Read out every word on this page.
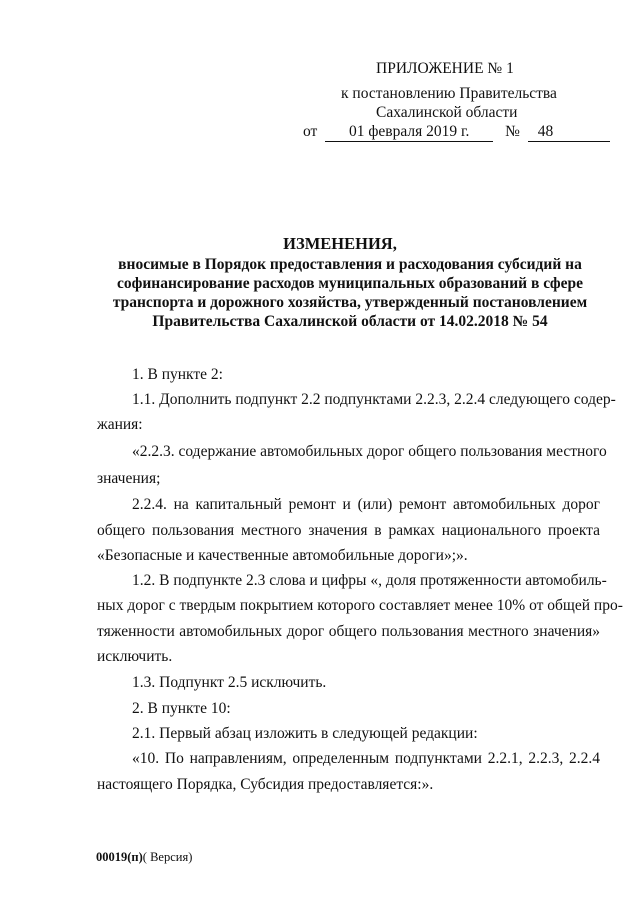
ПРИЛОЖЕНИЕ № 1
к постановлению Правительства
Сахалинской области
от 01 февраля 2019 г. № 48
ИЗМЕНЕНИЯ,
вносимые в Порядок предоставления и расходования субсидий на
софинансирование расходов муниципальных образований в сфере
транспорта и дорожного хозяйства, утвержденный постановлением
Правительства Сахалинской области от 14.02.2018 № 54
1. В пункте 2:
1.1. Дополнить подпункт 2.2 подпунктами 2.2.3, 2.2.4 следующего содер-
жания:
«2.2.3. содержание автомобильных дорог общего пользования местного
значения;
2.2.4. на капитальный ремонт и (или) ремонт автомобильных дорог
общего пользования местного значения в рамках национального проекта
«Безопасные и качественные автомобильные дороги»;».
1.2. В подпункте 2.3 слова и цифры «, доля протяженности автомобиль-
ных дорог с твердым покрытием которого составляет менее 10% от общей про-
тяженности автомобильных дорог общего пользования местного значения»
исключить.
1.3. Подпункт 2.5 исключить.
2. В пункте 10:
2.1. Первый абзац изложить в следующей редакции:
«10. По направлениям, определенным подпунктами 2.2.1, 2.2.3, 2.2.4
настоящего Порядка, Субсидия предоставляется:».
00019(п)( Версия)
